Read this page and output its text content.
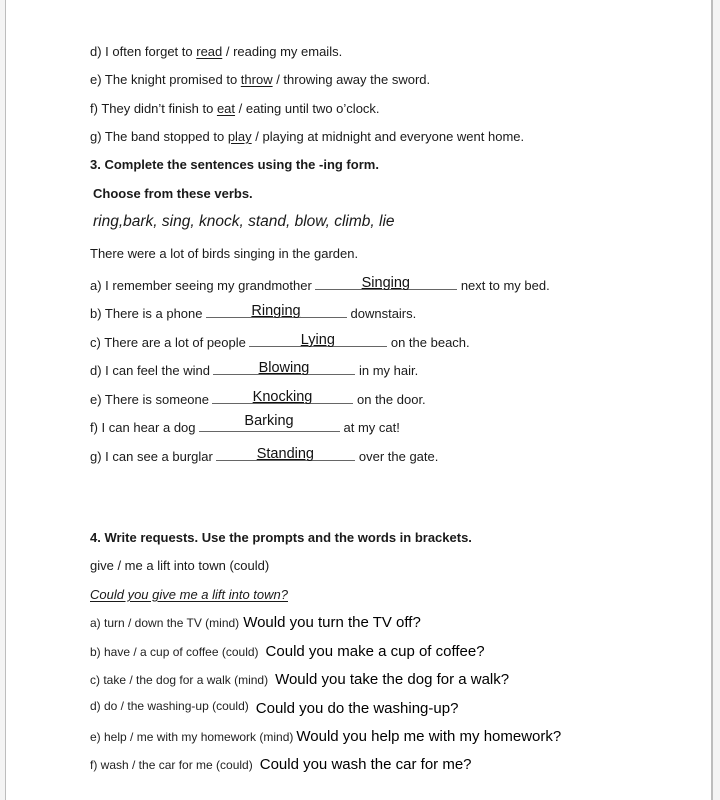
d) I often forget to read / reading my emails.
e) The knight promised to throw / throwing away the sword.
f) They didn’t finish to eat / eating until two o’clock.
g) The band stopped to play / playing at midnight and everyone went home.
3. Complete the sentences using the -ing form.
Choose from these verbs.
ring,bark, sing, knock, stand, blow, climb, lie
There were a lot of birds singing in the garden.
a) I remember seeing my grandmother	Singing	next to my bed.
b) There is a phone	Ringing	downstairs.
c) There are a lot of people	Lying	on the beach.
d) I can feel the wind	Blowing	in my hair.
e) There is someone	Knocking	on the door.
f) I can hear a dog	Barking	at my cat!
g) I can see a burglar	Standing	over the gate.
4. Write requests. Use the prompts and the words in brackets.
give / me a lift into town (could)
Could you give me a lift into town?
a) turn / down the TV (mind) Would you turn the TV off?
b) have / a cup of coffee (could) Could you make a cup of coffee?
c) take / the dog for a walk (mind) Would you take the dog for a walk?
d) do / the washing-up (could) Could you do the washing-up?
e) help / me with my homework (mind) Would you help me with my homework?
f) wash / the car for me (could) Could you wash the car for me?
